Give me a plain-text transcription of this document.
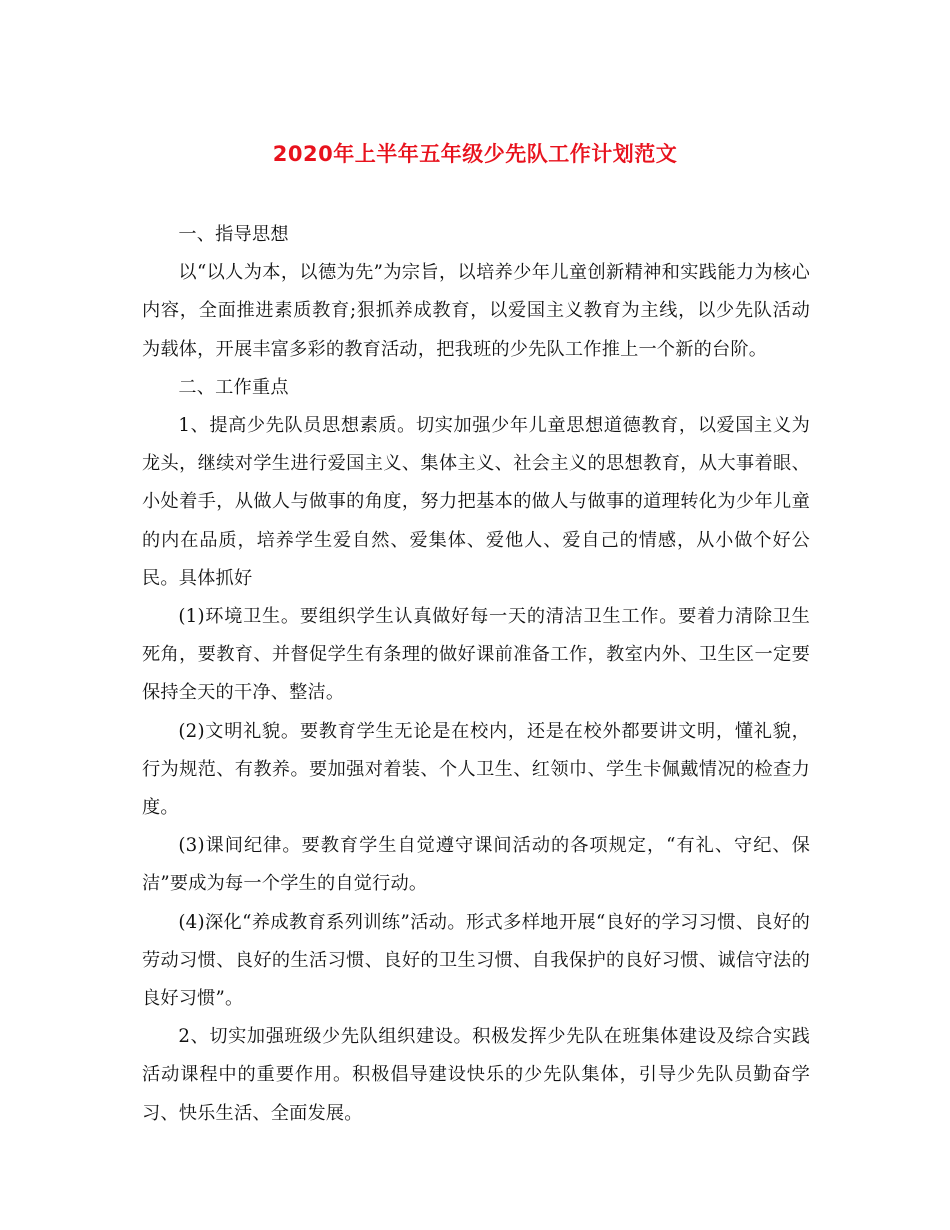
2020年上半年五年级少先队工作计划范文

一、指导思想

以“以人为本，以德为先”为宗旨，以培养少年儿童创新精神和实践能力为核心内容，全面推进素质教育;狠抓养成教育，以爱国主义教育为主线，以少先队活动为载体，开展丰富多彩的教育活动，把我班的少先队工作推上一个新的台阶。

二、工作重点

1、提高少先队员思想素质。切实加强少年儿童思想道德教育，以爱国主义为龙头，继续对学生进行爱国主义、集体主义、社会主义的思想教育，从大事着眼、小处着手，从做人与做事的角度，努力把基本的做人与做事的道理转化为少年儿童的内在品质，培养学生爱自然、爱集体、爱他人、爱自己的情感，从小做个好公民。具体抓好

(1)环境卫生。要组织学生认真做好每一天的清洁卫生工作。要着力清除卫生死角，要教育、并督促学生有条理的做好课前准备工作，教室内外、卫生区一定要保持全天的干净、整洁。

(2)文明礼貌。要教育学生无论是在校内，还是在校外都要讲文明，懂礼貌，行为规范、有教养。要加强对着装、个人卫生、红领巾、学生卡佩戴情况的检查力度。

(3)课间纪律。要教育学生自觉遵守课间活动的各项规定，“有礼、守纪、保洁”要成为每一个学生的自觉行动。

(4)深化“养成教育系列训练”活动。形式多样地开展“良好的学习习惯、良好的劳动习惯、良好的生活习惯、良好的卫生习惯、自我保护的良好习惯、诚信守法的良好习惯”。

2、切实加强班级少先队组织建设。积极发挥少先队在班集体建设及综合实践活动课程中的重要作用。积极倡导建设快乐的少先队集体，引导少先队员勤奋学习、快乐生活、全面发展。
